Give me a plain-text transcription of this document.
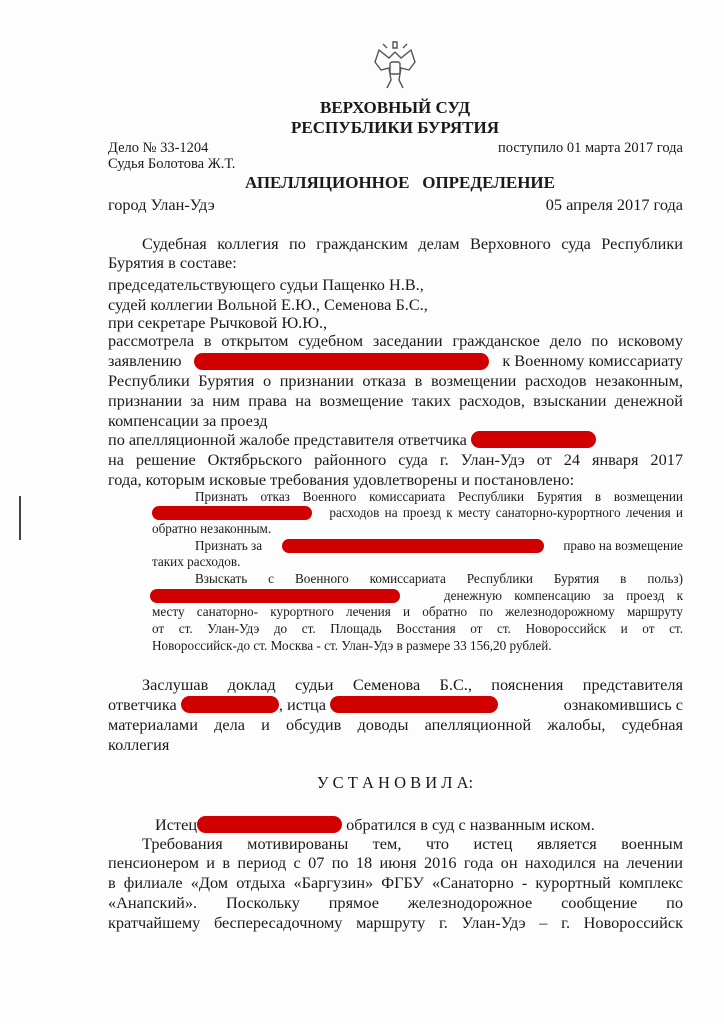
ВЕРХОВНЫЙ СУД
РЕСПУБЛИКИ БУРЯТИЯ
Дело № 33-1204	поступило 01 марта 2017 года
Судья Болотова Ж.Т.
АПЕЛЛЯЦИОННОЕ   ОПРЕДЕЛЕНИЕ
город Улан-Удэ	05 апреля 2017 года
Судебная коллегия по гражданским делам Верховного суда Республики
Бурятия в составе:
председательствующего судьи Пащенко Н.В.,
судей коллегии Вольной Е.Ю., Семенова Б.С.,
при секретаре Рычковой Ю.Ю.,
рассмотрела в открытом судебном заседании гражданское дело по исковому
заявлению	к Военному комиссариату
Республики Бурятия о признании отказа в возмещении расходов незаконным,
признании за ним права на возмещение таких расходов, взыскании денежной
компенсации за проезд
по апелляционной жалобе представителя ответчика
на решение Октябрьского районного суда г. Улан-Удэ от 24 января 2017
года, которым исковые требования удовлетворены и постановлено:
Признать отказ Военного комиссариата Республики Бурятия в возмещении
расходов на проезд к месту санаторно-курортного лечения и
обратно незаконным.
Признать за	право на возмещение
таких расходов.
Взыскать с Военного комиссариата Республики Бурятия в польз)
денежную компенсацию за проезд к
месту санаторно- курортного лечения и обратно по железнодорожному маршруту
от ст. Улан-Удэ до ст. Площадь Восстания от ст. Новороссийск и от ст.
Новороссийск-до ст. Москва - ст. Улан-Удэ в размере 33 156,20 рублей.
Заслушав доклад судьи Семенова Б.С., пояснения представителя
ответчика	, истца	ознакомившись с
материалами дела и обсудив доводы апелляционной жалобы, судебная
коллегия
У С Т А Н О В И Л А:
Истец	обратился в суд с названным иском.
Требования мотивированы тем, что истец является военным
пенсионером и в период с 07 по 18 июня 2016 года он находился на лечении
в филиале «Дом отдыха «Баргузин» ФГБУ «Санаторно - курортный комплекс
«Анапский». Поскольку прямое железнодорожное сообщение по
кратчайшему беспересадочному маршруту г. Улан-Удэ – г. Новороссийск
